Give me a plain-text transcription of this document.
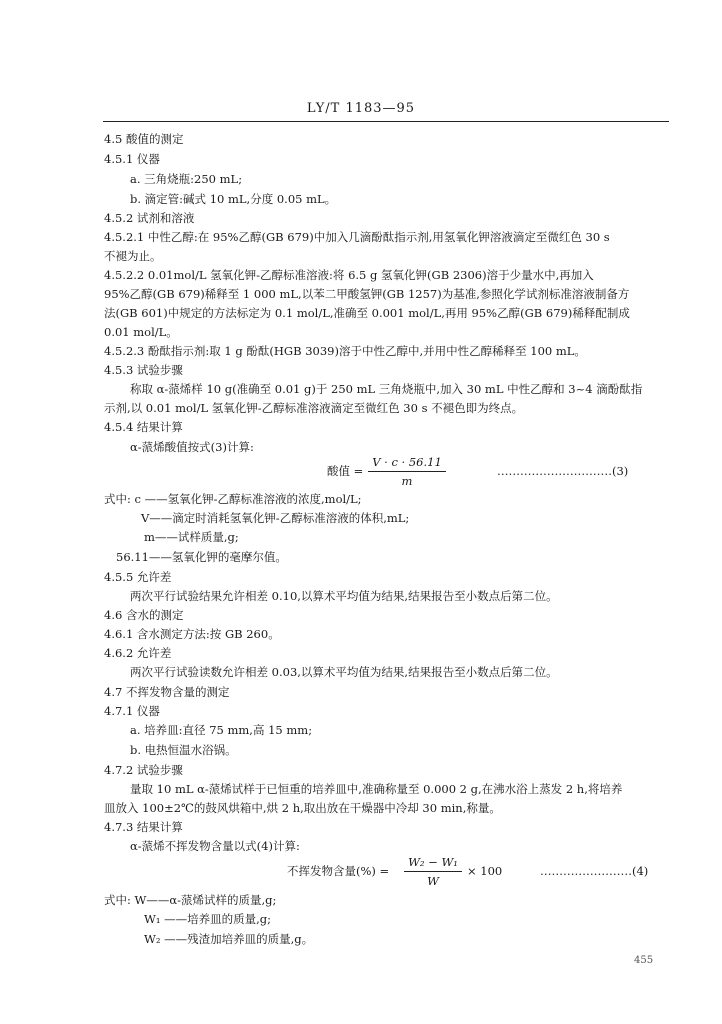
LY/T 1183—95
4.5 酸值的测定
4.5.1 仪器
a. 三角烧瓶:250 mL;
b. 滴定管:碱式 10 mL,分度 0.05 mL。
4.5.2 试剂和溶液
4.5.2.1 中性乙醇:在 95%乙醇(GB 679)中加入几滴酚酞指示剂,用氢氧化钾溶液滴定至微红色 30 s
不褪为止。
4.5.2.2 0.01mol/L 氢氧化钾-乙醇标准溶液:将 6.5 g 氢氧化钾(GB 2306)溶于少量水中,再加入
95%乙醇(GB 679)稀释至 1 000 mL,以苯二甲酸氢钾(GB 1257)为基准,参照化学试剂标准溶液制备方
法(GB 601)中规定的方法标定为 0.1 mol/L,准确至 0.001 mol/L,再用 95%乙醇(GB 679)稀释配制成
0.01 mol/L。
4.5.2.3 酚酞指示剂:取 1 g 酚酞(HGB 3039)溶于中性乙醇中,并用中性乙醇稀释至 100 mL。
4.5.3 试验步骤
称取 α-蒎烯样 10 g(准确至 0.01 g)于 250 mL 三角烧瓶中,加入 30 mL 中性乙醇和 3~4 滴酚酞指
示剂,以 0.01 mol/L 氢氧化钾-乙醇标准溶液滴定至微红色 30 s 不褪色即为终点。
4.5.4 结果计算
α-蒎烯酸值按式(3)计算:
酸值 =
V · c · 56.11
m
…………………………(3)
式中: c ——氢氧化钾-乙醇标准溶液的浓度,mol/L;
V——滴定时消耗氢氧化钾-乙醇标准溶液的体积,mL;
m——试样质量,g;
56.11——氢氧化钾的毫摩尔值。
4.5.5 允许差
两次平行试验结果允许相差 0.10,以算术平均值为结果,结果报告至小数点后第二位。
4.6 含水的测定
4.6.1 含水测定方法:按 GB 260。
4.6.2 允许差
两次平行试验读数允许相差 0.03,以算术平均值为结果,结果报告至小数点后第二位。
4.7 不挥发物含量的测定
4.7.1 仪器
a. 培养皿:直径 75 mm,高 15 mm;
b. 电热恒温水浴锅。
4.7.2 试验步骤
量取 10 mL α-蒎烯试样于已恒重的培养皿中,准确称量至 0.000 2 g,在沸水浴上蒸发 2 h,将培养
皿放入 100±2℃的鼓风烘箱中,烘 2 h,取出放在干燥器中冷却 30 min,称量。
4.7.3 结果计算
α-蒎烯不挥发物含量以式(4)计算:
不挥发物含量(%) =
W₂ − W₁
W
× 100	……………………(4)
式中: W——α-蒎烯试样的质量,g;
W₁ ——培养皿的质量,g;
W₂ ——残渣加培养皿的质量,g。
455
